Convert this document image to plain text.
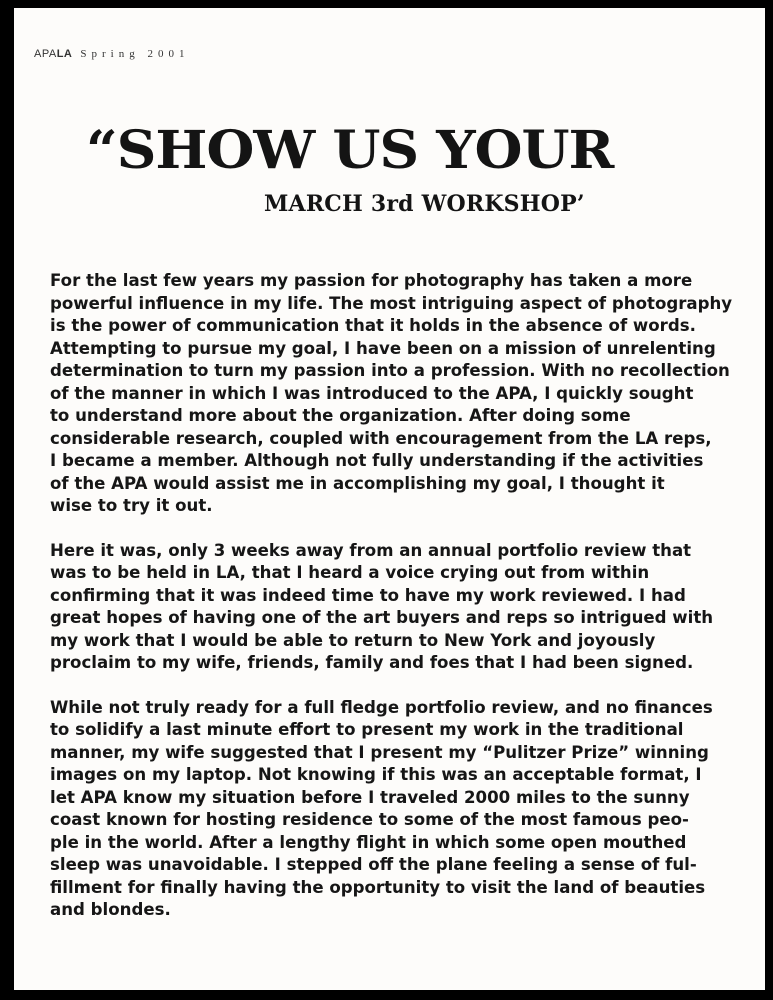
APALA Spring 2001
“SHOW US YOUR
MARCH 3rd WORKSHOP’

For the last few years my passion for photography has taken a more
powerful influence in my life. The most intriguing aspect of photography
is the power of communication that it holds in the absence of words.
Attempting to pursue my goal, I have been on a mission of unrelenting
determination to turn my passion into a profession. With no recollection
of the manner in which I was introduced to the APA, I quickly sought
to understand more about the organization. After doing some
considerable research, coupled with encouragement from the LA reps,
I became a member. Although not fully understanding if the activities
of the APA would assist me in accomplishing my goal, I thought it
wise to try it out.

Here it was, only 3 weeks away from an annual portfolio review that
was to be held in LA, that I heard a voice crying out from within
confirming that it was indeed time to have my work reviewed. I had
great hopes of having one of the art buyers and reps so intrigued with
my work that I would be able to return to New York and joyously
proclaim to my wife, friends, family and foes that I had been signed.

While not truly ready for a full fledge portfolio review, and no finances
to solidify a last minute effort to present my work in the traditional
manner, my wife suggested that I present my “Pulitzer Prize” winning
images on my laptop. Not knowing if this was an acceptable format, I
let APA know my situation before I traveled 2000 miles to the sunny
coast known for hosting residence to some of the most famous peo-
ple in the world. After a lengthy flight in which some open mouthed
sleep was unavoidable. I stepped off the plane feeling a sense of ful-
fillment for finally having the opportunity to visit the land of beauties
and blondes.
